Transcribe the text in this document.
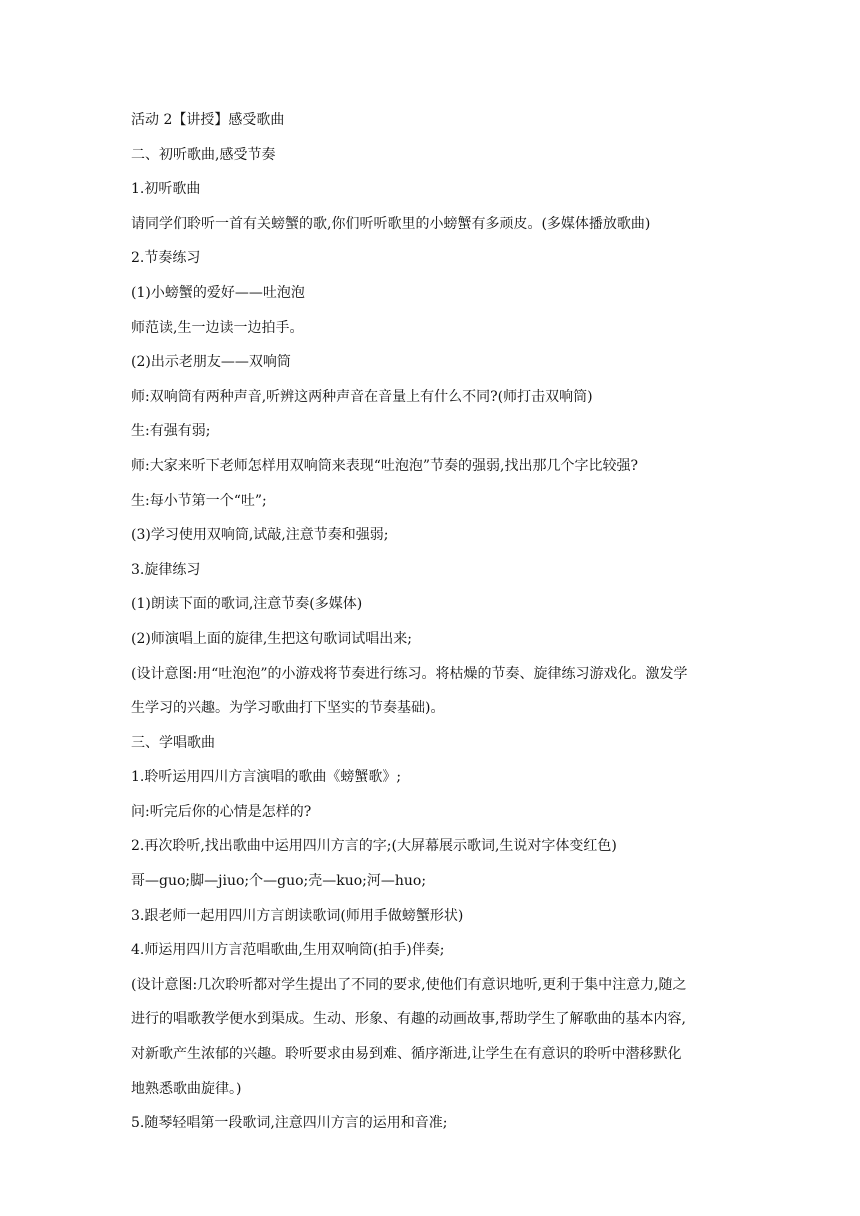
活动 2【讲授】感受歌曲
二、初听歌曲,感受节奏
1.初听歌曲
请同学们聆听一首有关螃蟹的歌,你们听听歌里的小螃蟹有多顽皮。(多媒体播放歌曲)
2.节奏练习
(1)小螃蟹的爱好——吐泡泡
师范读,生一边读一边拍手。
(2)出示老朋友——双响筒
师:双响筒有两种声音,听辨这两种声音在音量上有什么不同?(师打击双响筒)
生:有强有弱;
师:大家来听下老师怎样用双响筒来表现“吐泡泡”节奏的强弱,找出那几个字比较强?
生:每小节第一个“吐”;
(3)学习使用双响筒,试敲,注意节奏和强弱;
3.旋律练习
(1)朗读下面的歌词,注意节奏(多媒体)
(2)师演唱上面的旋律,生把这句歌词试唱出来;
(设计意图:用“吐泡泡”的小游戏将节奏进行练习。将枯燥的节奏、旋律练习游戏化。激发学
生学习的兴趣。为学习歌曲打下坚实的节奏基础)。
三、学唱歌曲
1.聆听运用四川方言演唱的歌曲《螃蟹歌》;
问:听完后你的心情是怎样的?
2.再次聆听,找出歌曲中运用四川方言的字;(大屏幕展示歌词,生说对字体变红色)
哥—guo;脚—jiuo;个—guo;壳—kuo;河—huo;
3.跟老师一起用四川方言朗读歌词(师用手做螃蟹形状)
4.师运用四川方言范唱歌曲,生用双响筒(拍手)伴奏;
(设计意图:几次聆听都对学生提出了不同的要求,使他们有意识地听,更利于集中注意力,随之
进行的唱歌教学便水到渠成。生动、形象、有趣的动画故事,帮助学生了解歌曲的基本内容,
对新歌产生浓郁的兴趣。聆听要求由易到难、循序渐进,让学生在有意识的聆听中潜移默化
地熟悉歌曲旋律。)
5.随琴轻唱第一段歌词,注意四川方言的运用和音准;
